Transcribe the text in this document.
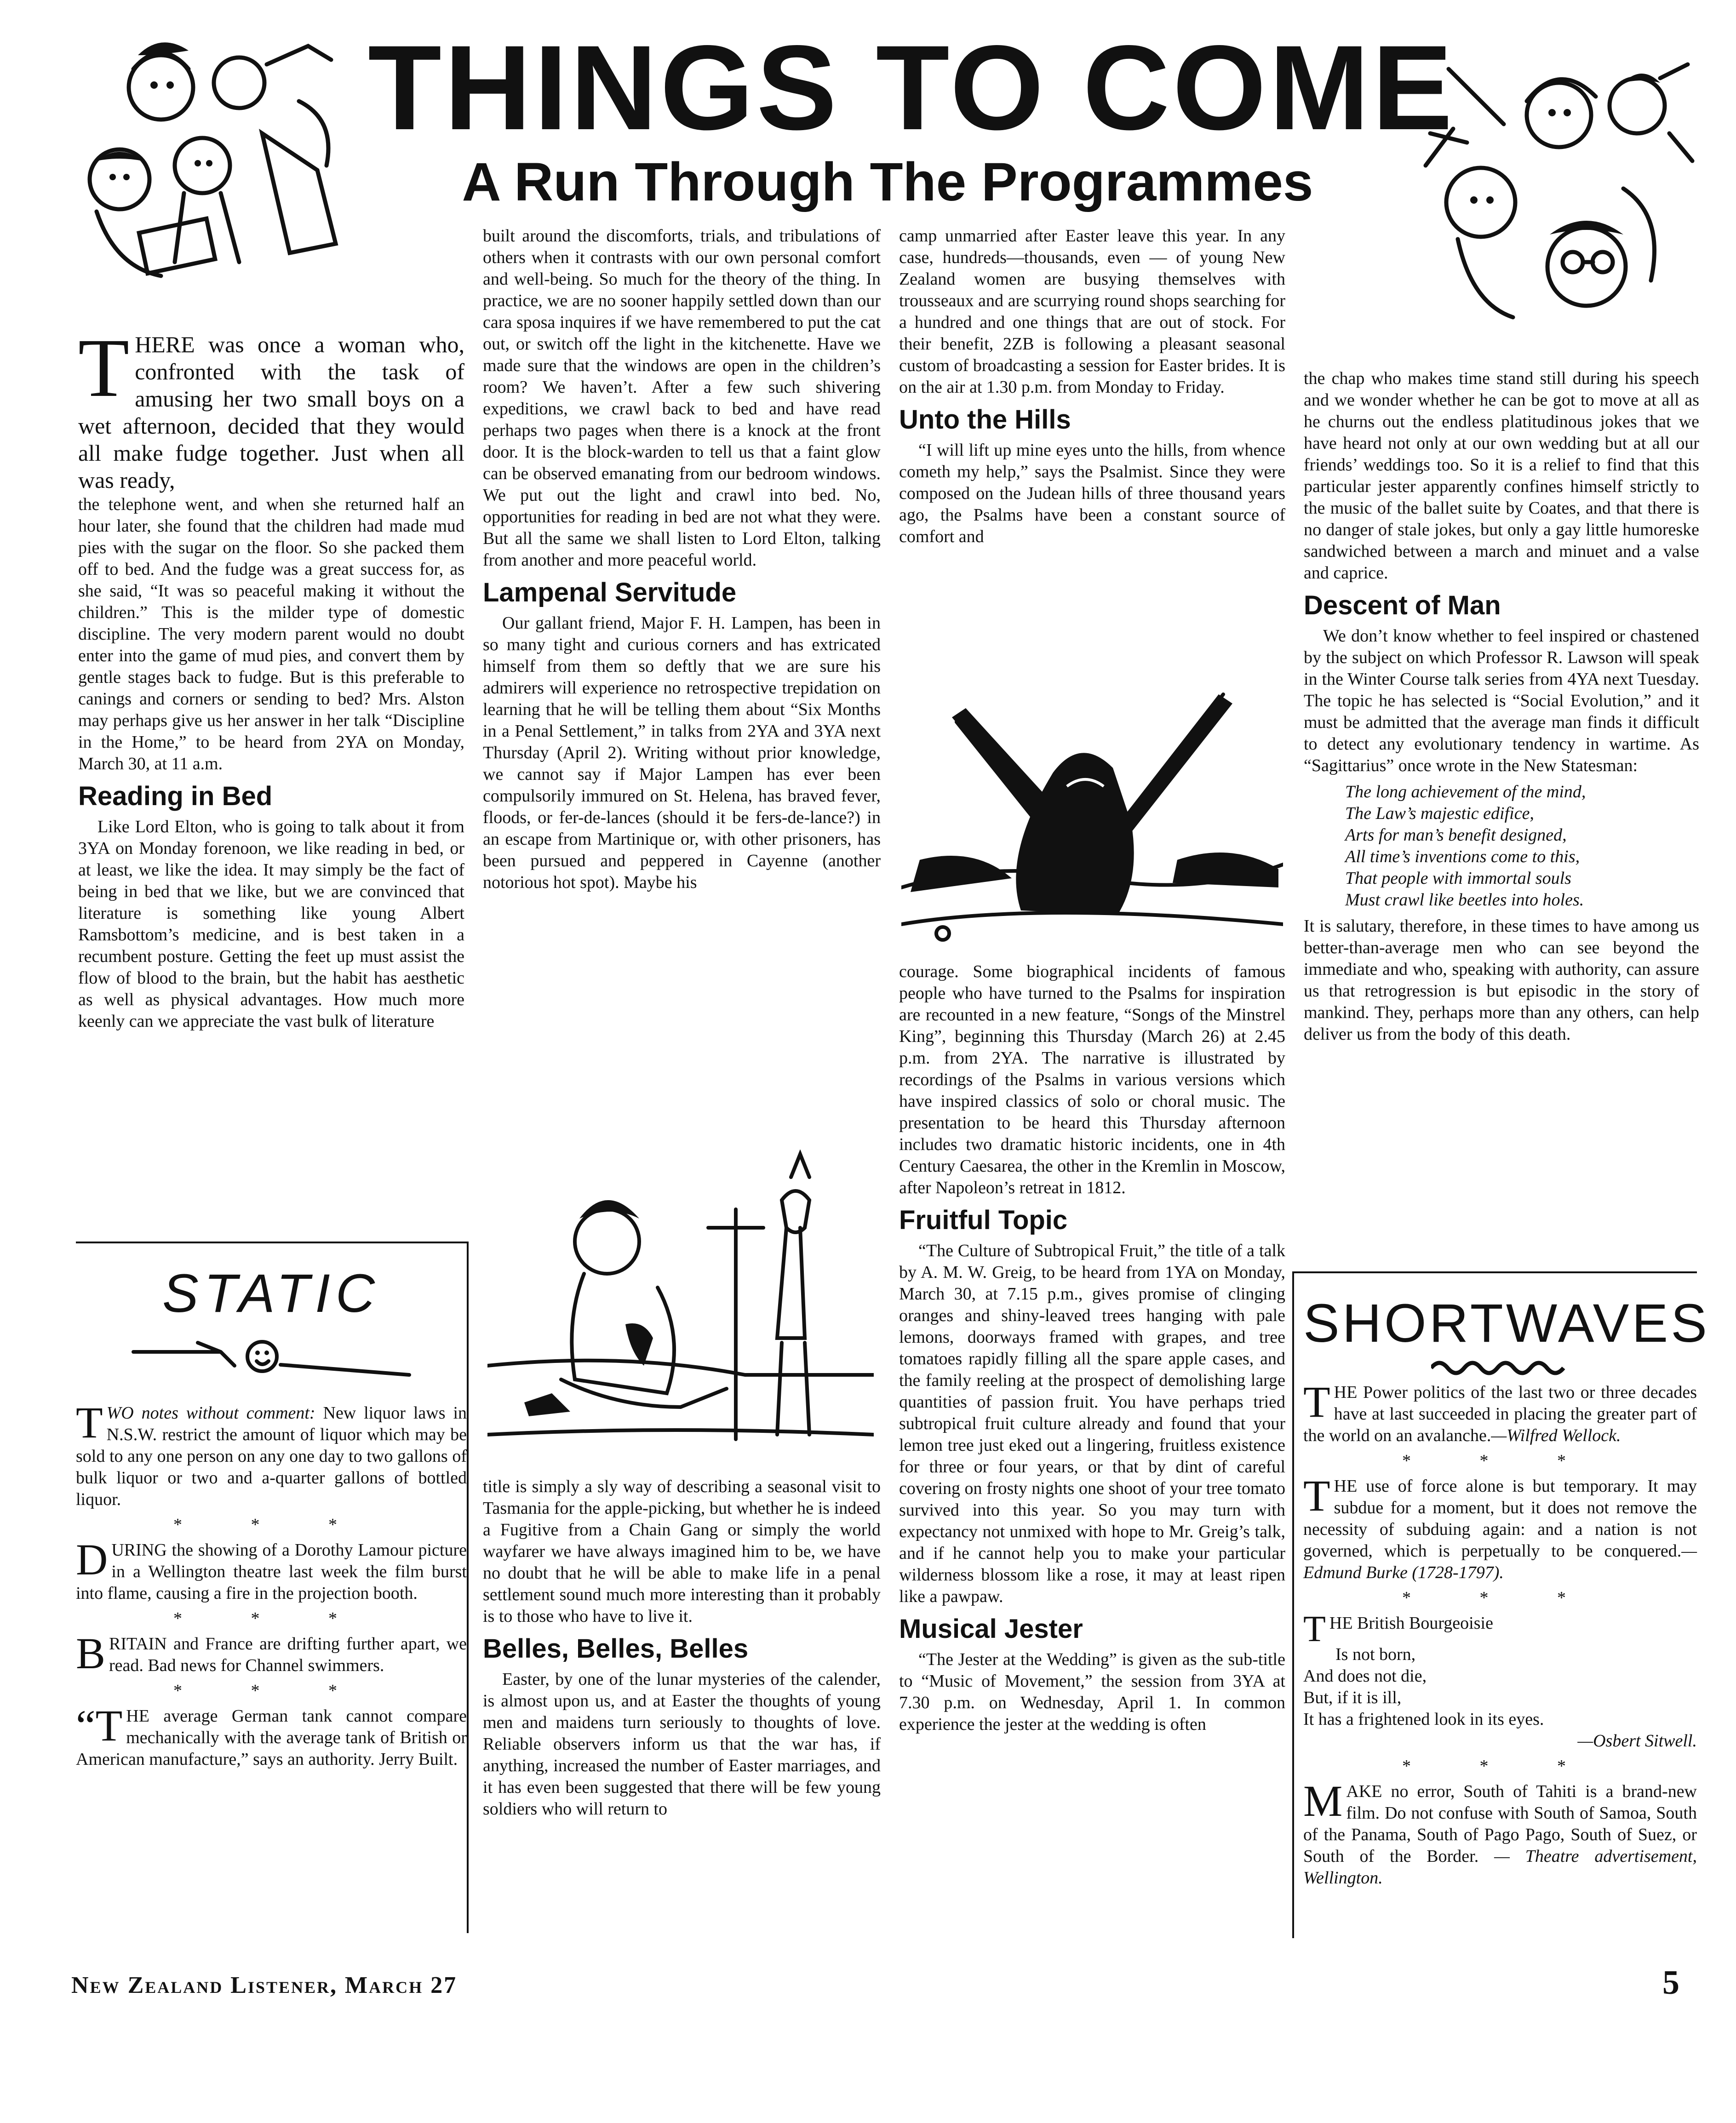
THINGS TO COME
A Run Through The Programmes

THERE was once a woman who, confronted with the task of amusing her two small boys on a wet afternoon, decided that they would all make fudge together. Just when all was ready,

the telephone went, and when she returned half an hour later, she found that the children had made mud pies with the sugar on the floor. So she packed them off to bed. And the fudge was a great success for, as she said, “It was so peaceful making it without the children.” This is the milder type of domestic discipline. The very modern parent would no doubt enter into the game of mud pies, and convert them by gentle stages back to fudge. But is this preferable to canings and corners or sending to bed? Mrs. Alston may perhaps give us her answer in her talk “Discipline in the Home,” to be heard from 2YA on Monday, March 30, at 11 a.m.

Reading in Bed

Like Lord Elton, who is going to talk about it from 3YA on Monday forenoon, we like reading in bed, or at least, we like the idea. It may simply be the fact of being in bed that we like, but we are convinced that literature is something like young Albert Ramsbottom’s medicine, and is best taken in a recumbent posture. Getting the feet up must assist the flow of blood to the brain, but the habit has aesthetic as well as physical advantages. How much more keenly can we appreciate the vast bulk of literature

STATIC

TWO notes without comment: New liquor laws in N.S.W. restrict the amount of liquor which may be sold to any one person on any one day to two gallons of bulk liquor or two and a-quarter gallons of bottled liquor.

* * *

DURING the showing of a Dorothy Lamour picture in a Wellington theatre last week the film burst into flame, causing a fire in the projection booth.

* * *

BRITAIN and France are drifting further apart, we read. Bad news for Channel swimmers.

* * *

“THE average German tank cannot compare mechanically with the average tank of British or American manufacture,” says an authority. Jerry Built.

built around the discomforts, trials, and tribulations of others when it contrasts with our own personal comfort and well-being. So much for the theory of the thing. In practice, we are no sooner happily settled down than our cara sposa inquires if we have remembered to put the cat out, or switch off the light in the kitchenette. Have we made sure that the windows are open in the children’s room? We haven’t. After a few such shivering expeditions, we crawl back to bed and have read perhaps two pages when there is a knock at the front door. It is the block-warden to tell us that a faint glow can be observed emanating from our bedroom windows. We put out the light and crawl into bed. No, opportunities for reading in bed are not what they were. But all the same we shall listen to Lord Elton, talking from another and more peaceful world.

Lampenal Servitude

Our gallant friend, Major F. H. Lampen, has been in so many tight and curious corners and has extricated himself from them so deftly that we are sure his admirers will experience no retrospective trepidation on learning that he will be telling them about “Six Months in a Penal Settlement,” in talks from 2YA and 3YA next Thursday (April 2). Writing without prior knowledge, we cannot say if Major Lampen has ever been compulsorily immured on St. Helena, has braved fever, floods, or fer-de-lances (should it be fers-de-lance?) in an escape from Martinique or, with other prisoners, has been pursued and peppered in Cayenne (another notorious hot spot). Maybe his

title is simply a sly way of describing a seasonal visit to Tasmania for the apple-picking, but whether he is indeed a Fugitive from a Chain Gang or simply the world wayfarer we have always imagined him to be, we have no doubt that he will be able to make life in a penal settlement sound much more interesting than it probably is to those who have to live it.

Belles, Belles, Belles

Easter, by one of the lunar mysteries of the calender, is almost upon us, and at Easter the thoughts of young men and maidens turn seriously to thoughts of love. Reliable observers inform us that the war has, if anything, increased the number of Easter marriages, and it has even been suggested that there will be few young soldiers who will return to

camp unmarried after Easter leave this year. In any case, hundreds—thousands, even — of young New Zealand women are busying themselves with trousseaux and are scurrying round shops searching for a hundred and one things that are out of stock. For their benefit, 2ZB is following a pleasant seasonal custom of broadcasting a session for Easter brides. It is on the air at 1.30 p.m. from Monday to Friday.

Unto the Hills

“I will lift up mine eyes unto the hills, from whence cometh my help,” says the Psalmist. Since they were composed on the Judean hills of three thousand years ago, the Psalms have been a constant source of comfort and

courage. Some biographical incidents of famous people who have turned to the Psalms for inspiration are recounted in a new feature, “Songs of the Minstrel King”, beginning this Thursday (March 26) at 2.45 p.m. from 2YA. The narrative is illustrated by recordings of the Psalms in various versions which have inspired classics of solo or choral music. The presentation to be heard this Thursday afternoon includes two dramatic historic incidents, one in 4th Century Caesarea, the other in the Kremlin in Moscow, after Napoleon’s retreat in 1812.

Fruitful Topic

“The Culture of Subtropical Fruit,” the title of a talk by A. M. W. Greig, to be heard from 1YA on Monday, March 30, at 7.15 p.m., gives promise of clinging oranges and shiny-leaved trees hanging with pale lemons, doorways framed with grapes, and tree tomatoes rapidly filling all the spare apple cases, and the family reeling at the prospect of demolishing large quantities of passion fruit. You have perhaps tried subtropical fruit culture already and found that your lemon tree just eked out a lingering, fruitless existence for three or four years, or that by dint of careful covering on frosty nights one shoot of your tree tomato survived into this year. So you may turn with expectancy not unmixed with hope to Mr. Greig’s talk, and if he cannot help you to make your particular wilderness blossom like a rose, it may at least ripen like a pawpaw.

Musical Jester

“The Jester at the Wedding” is given as the sub-title to “Music of Movement,” the session from 3YA at 7.30 p.m. on Wednesday, April 1. In common experience the jester at the wedding is often

the chap who makes time stand still during his speech and we wonder whether he can be got to move at all as he churns out the endless platitudinous jokes that we have heard not only at our own wedding but at all our friends’ weddings too. So it is a relief to find that this particular jester apparently confines himself strictly to the music of the ballet suite by Coates, and that there is no danger of stale jokes, but only a gay little humoreske sandwiched between a march and minuet and a valse and caprice.

Descent of Man

We don’t know whether to feel inspired or chastened by the subject on which Professor R. Lawson will speak in the Winter Course talk series from 4YA next Tuesday. The topic he has selected is “Social Evolution,” and it must be admitted that the average man finds it difficult to detect any evolutionary tendency in wartime. As “Sagittarius” once wrote in the New Statesman:

The long achievement of the mind,
The Law’s majestic edifice,
Arts for man’s benefit designed,
All time’s inventions come to this,
That people with immortal souls
Must crawl like beetles into holes.

It is salutary, therefore, in these times to have among us better-than-average men who can see beyond the immediate and who, speaking with authority, can assure us that retrogression is but episodic in the story of mankind. They, perhaps more than any others, can help deliver us from the body of this death.

SHORTWAVES

THE Power politics of the last two or three decades have at last succeeded in placing the greater part of the world on an avalanche.—Wilfred Wellock.

* * *

THE use of force alone is but temporary. It may subdue for a moment, but it does not remove the necessity of subduing again: and a nation is not governed, which is perpetually to be conquered.—Edmund Burke (1728-1797).

* * *
THE British Bourgeoisie
Is not born,
And does not die,
But, if it is ill,
It has a frightened look in its eyes.
—Osbert Sitwell.
* * *

MAKE no error, South of Tahiti is a brand-new film. Do not confuse with South of Samoa, South of the Panama, South of Pago Pago, South of Suez, or South of the Border. — Theatre advertisement, Wellington.

New Zealand Listener, March 27	5
